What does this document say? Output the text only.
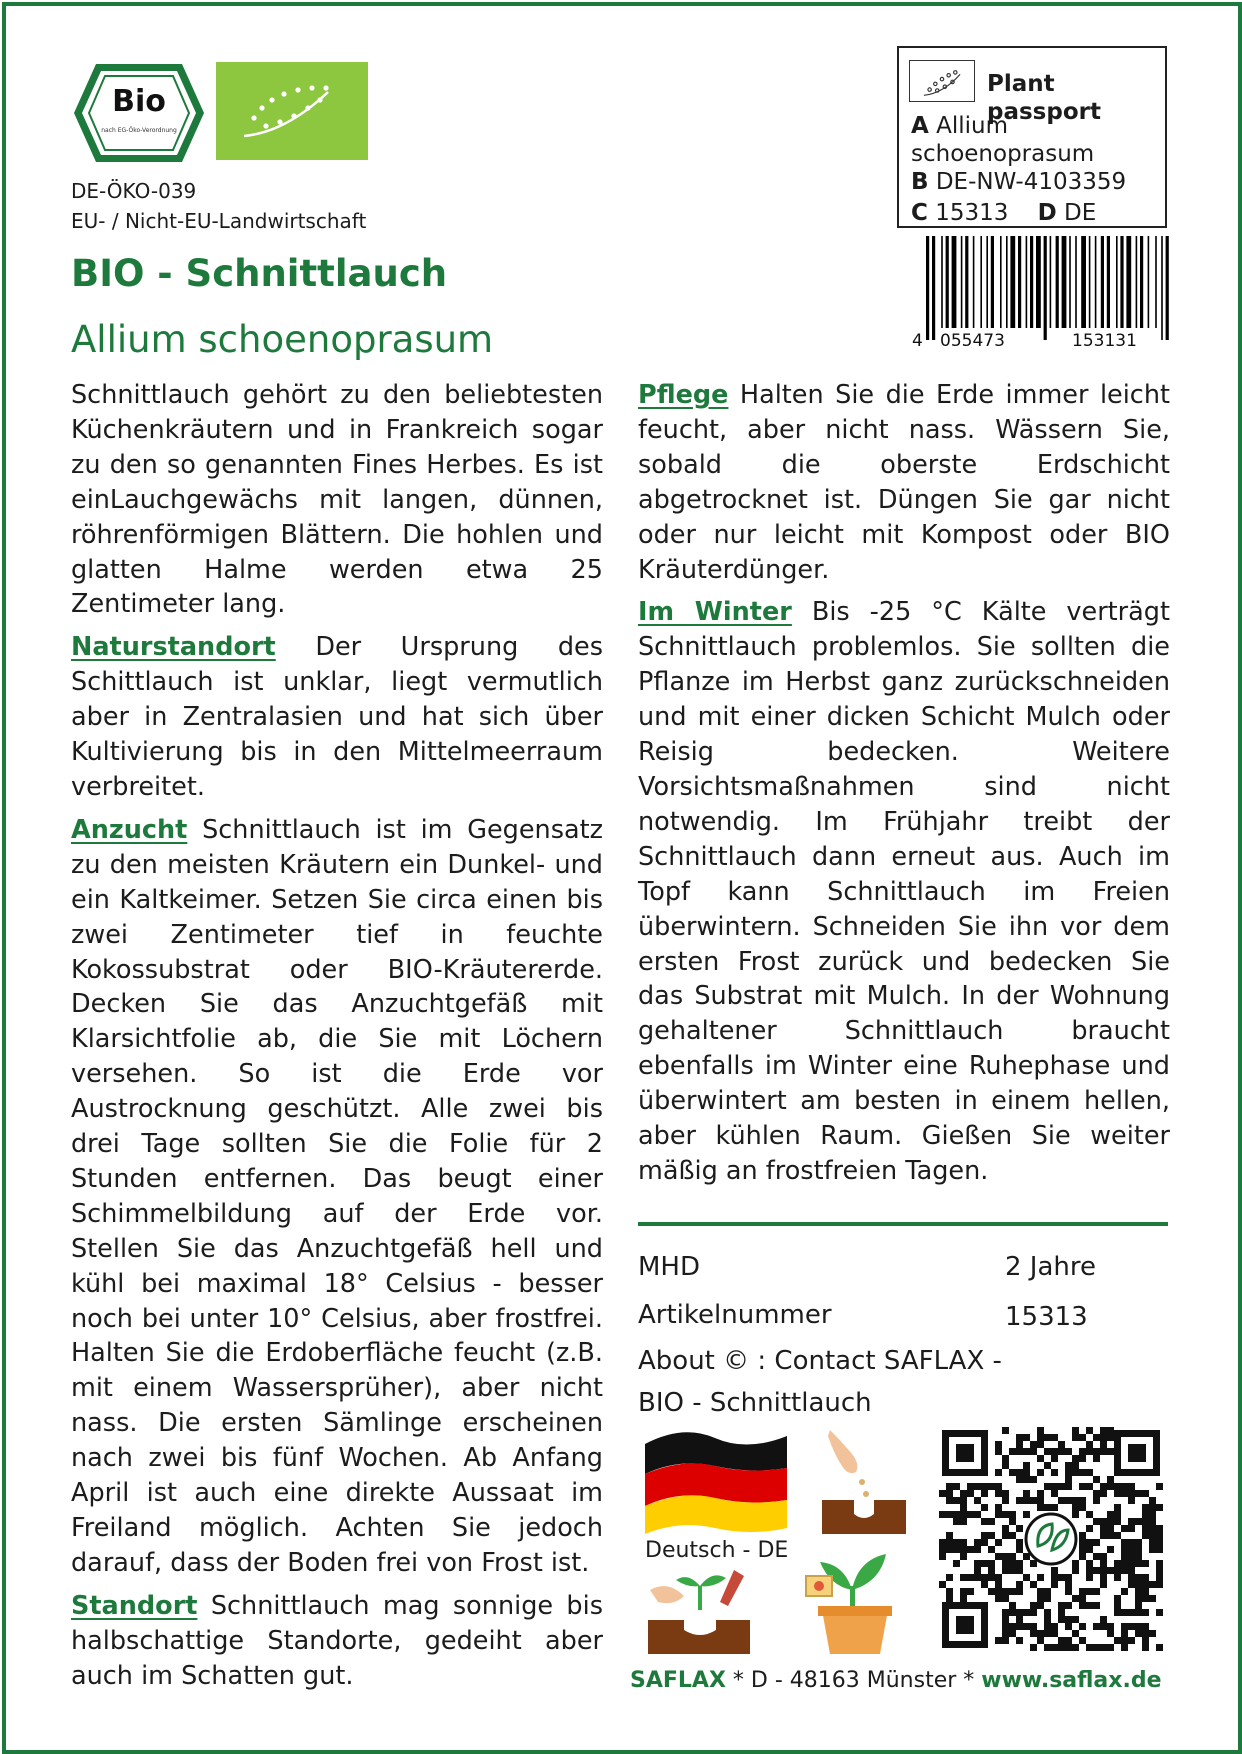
Bio
nach EG-Öko-Verordnung
DE-ÖKO-039
EU- / Nicht-EU-Landwirtschaft
BIO - Schnittlauch
Allium schoenoprasum
Plant passport
A Allium schoenoprasum
B DE-NW-4103359
C 15313 D DE
4 055473	153131

Schnittlauch gehört zu den beliebtesten Küchenkräutern und in Frankreich sogar zu den so genannten Fines Herbes. Es ist einLauchgewächs mit langen, dünnen, röhrenförmigen Blättern. Die hohlen und glatten Halme werden etwa 25 Zentimeter lang.

Naturstandort Der Ursprung des Schittlauch ist unklar, liegt vermutlich aber in Zentralasien und hat sich über Kultivierung bis in den Mittelmeerraum verbreitet.

Anzucht Schnittlauch ist im Gegensatz zu den meisten Kräutern ein Dunkel- und ein Kaltkeimer. Setzen Sie circa einen bis zwei Zentimeter tief in feuchte Kokossubstrat oder BIO-Kräutererde. Decken Sie das Anzuchtgefäß mit Klarsichtfolie ab, die Sie mit Löchern versehen. So ist die Erde vor Austrocknung geschützt. Alle zwei bis drei Tage sollten Sie die Folie für 2 Stunden entfernen. Das beugt einer Schimmelbildung auf der Erde vor. Stellen Sie das Anzuchtgefäß hell und kühl bei maximal 18° Celsius - besser noch bei unter 10° Celsius, aber frostfrei. Halten Sie die Erdoberfläche feucht (z.B. mit einem Wassersprüher), aber nicht nass. Die ersten Sämlinge erscheinen nach zwei bis fünf Wochen. Ab Anfang April ist auch eine direkte Aussaat im Freiland möglich. Achten Sie jedoch darauf, dass der Boden frei von Frost ist.

Standort Schnittlauch mag sonnige bis halbschattige Standorte, gedeiht aber auch im Schatten gut.

Pflege Halten Sie die Erde immer leicht feucht, aber nicht nass. Wässern Sie, sobald die oberste Erdschicht abgetrocknet ist. Düngen Sie gar nicht oder nur leicht mit Kompost oder BIO Kräuterdünger.

Im Winter Bis -25 °C Kälte verträgt Schnittlauch problemlos. Sie sollten die Pflanze im Herbst ganz zurückschneiden und mit einer dicken Schicht Mulch oder Reisig bedecken. Weitere Vorsichtsmaßnahmen sind nicht notwendig. Im Frühjahr treibt der Schnittlauch dann erneut aus. Auch im Topf kann Schnittlauch im Freien überwintern. Schneiden Sie ihn vor dem ersten Frost zurück und bedecken Sie das Substrat mit Mulch. In der Wohnung gehaltener Schnittlauch braucht ebenfalls im Winter eine Ruhephase und überwintert am besten in einem hellen, aber kühlen Raum. Gießen Sie weiter mäßig an frostfreien Tagen.

MHD	2 Jahre
Artikelnummer	15313
About © : Contact SAFLAX -
BIO - Schnittlauch
Deutsch - DE
SAFLAX * D - 48163 Münster * www.saflax.de
